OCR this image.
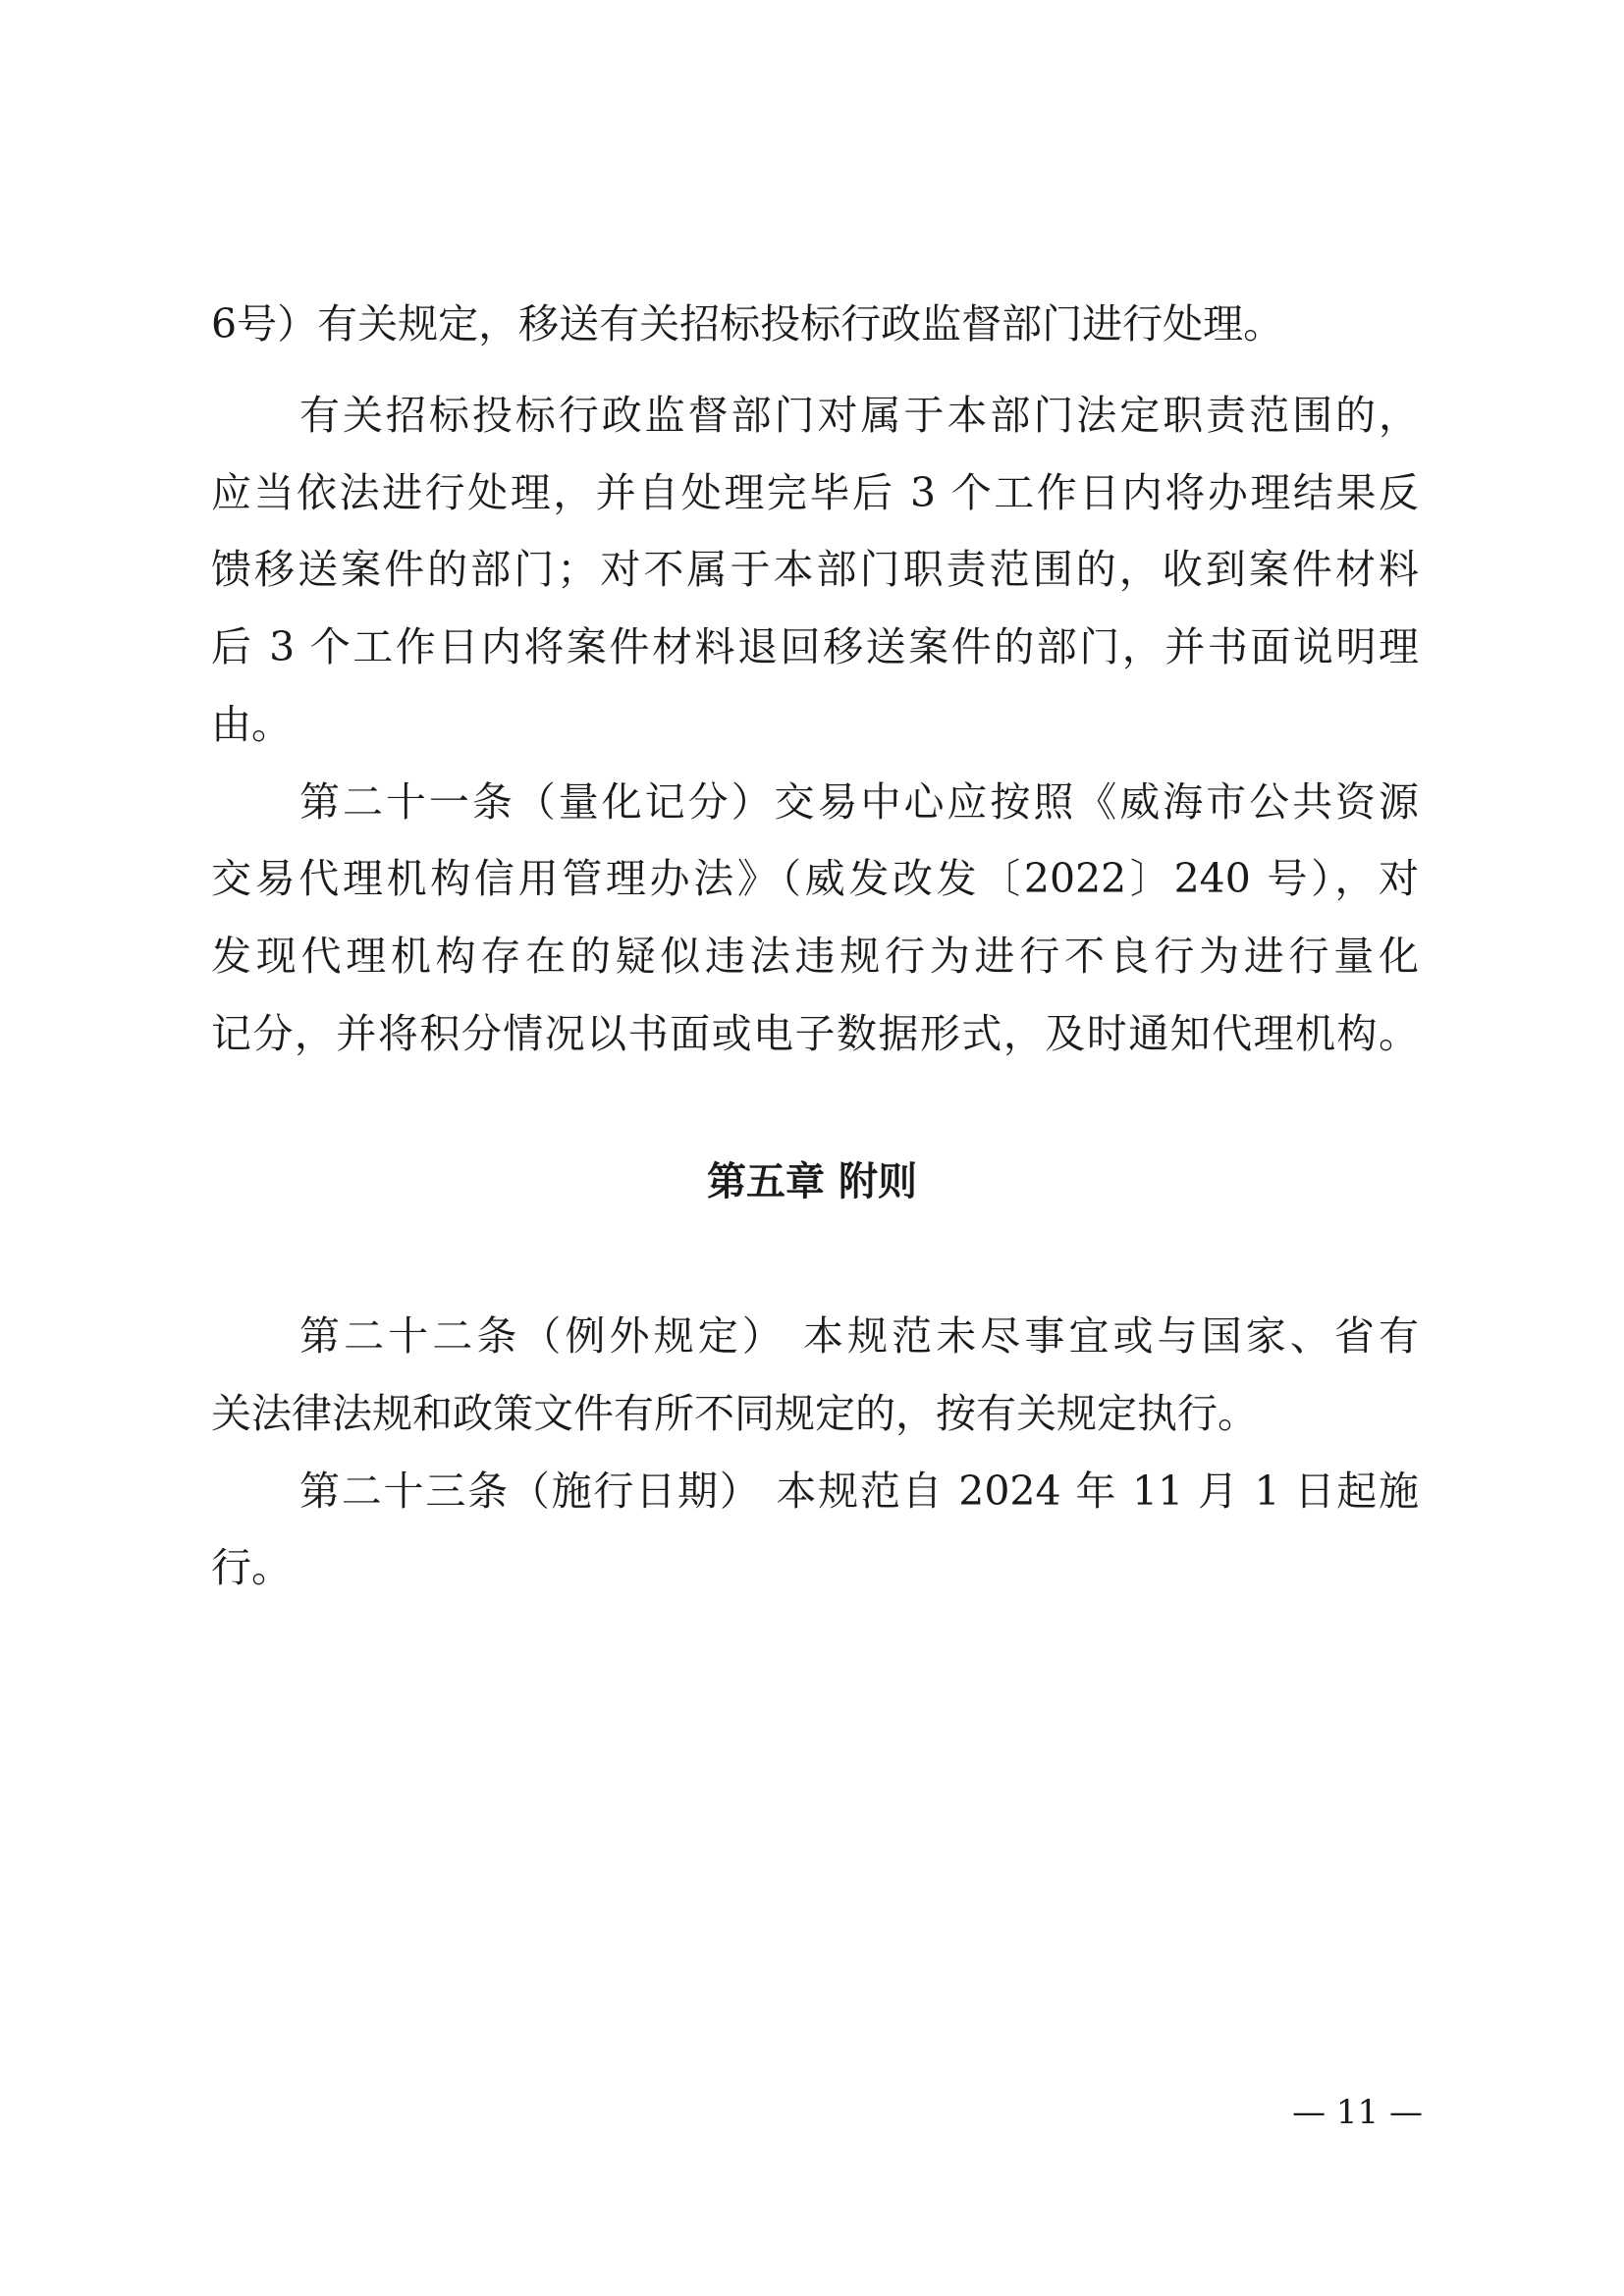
6号）有关规定，移送有关招标投标行政监督部门进行处理。
有关招标投标行政监督部门对属于本部门法定职责范围的，
应当依法进行处理，并自处理完毕后 3 个工作日内将办理结果反
馈移送案件的部门；对不属于本部门职责范围的，收到案件材料
后 3 个工作日内将案件材料退回移送案件的部门，并书面说明理
由。
第二十一条（量化记分）交易中心应按照《威海市公共资源
交易代理机构信用管理办法》（威发改发〔2022〕240 号），对
发现代理机构存在的疑似违法违规行为进行不良行为进行量化
记分，并将积分情况以书面或电子数据形式，及时通知代理机构。
第五章 附则
第二十二条（例外规定） 本规范未尽事宜或与国家、省有
关法律法规和政策文件有所不同规定的，按有关规定执行。
第二十三条（施行日期） 本规范自 2024 年 11 月 1 日起施
行。
— 11 —
